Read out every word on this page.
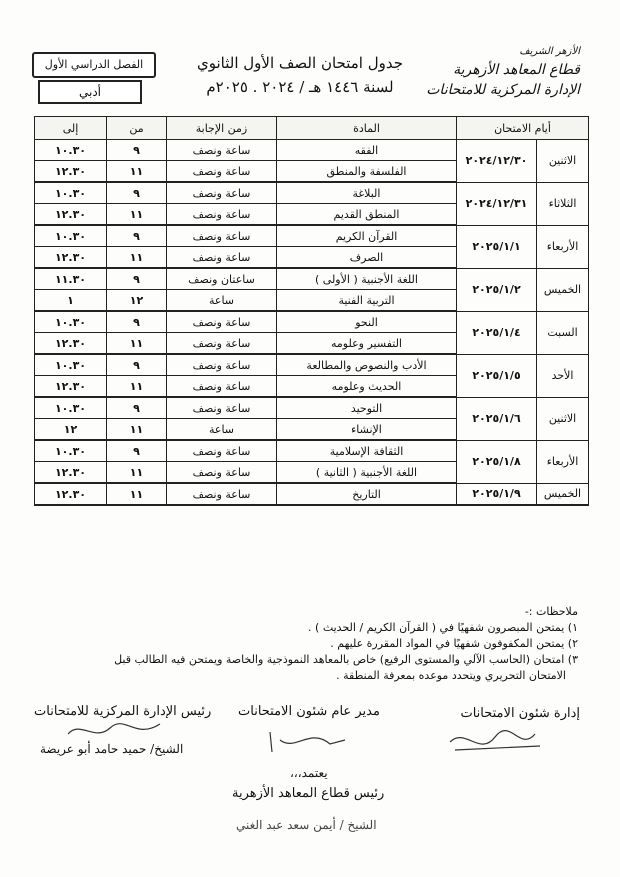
الفصل الدراسي الأول
أدبي
جدول امتحان الصف الأول الثانوي
لسنة ١٤٤٦ هـ / ٢٠٢٤ . ٢٠٢٥م
الأزهر الشريف
قطاع المعاهد الأزهرية
الإدارة المركزية للامتحانات
أيام الامتحان		المادة	زمن الإجابة	من	إلى
الاثنين	٢٠٢٤/١٢/٣٠	الفقه	ساعة ونصف	٩	١٠.٣٠
		الفلسفة والمنطق	ساعة ونصف	١١	١٢.٣٠
الثلاثاء	٢٠٢٤/١٢/٣١	البلاغة	ساعة ونصف	٩	١٠.٣٠
		المنطق القديم	ساعة ونصف	١١	١٢.٣٠
الأربعاء	٢٠٢٥/١/١	القرآن الكريم	ساعة ونصف	٩	١٠.٣٠
		الصرف	ساعة ونصف	١١	١٢.٣٠
الخميس	٢٠٢٥/١/٢	اللغة الأجنبية ( الأولى )	ساعتان ونصف	٩	١١.٣٠
		التربية الفنية	ساعة	١٢	١
السبت	٢٠٢٥/١/٤	النحو	ساعة ونصف	٩	١٠.٣٠
		التفسير وعلومه	ساعة ونصف	١١	١٢.٣٠
الأحد	٢٠٢٥/١/٥	الأدب والنصوص والمطالعة	ساعة ونصف	٩	١٠.٣٠
		الحديث وعلومه	ساعة ونصف	١١	١٢.٣٠
الاثنين	٢٠٢٥/١/٦	التوحيد	ساعة ونصف	٩	١٠.٣٠
		الإنشاء	ساعة	١١	١٢
الأربعاء	٢٠٢٥/١/٨	الثقافة الإسلامية	ساعة ونصف	٩	١٠.٣٠
		اللغة الأجنبية ( الثانية )	ساعة ونصف	١١	١٢.٣٠
الخميس	٢٠٢٥/١/٩	التاريخ	ساعة ونصف	١١	١٢.٣٠

ملاحظات :-

١) يمتحن المبصرون شفهيًا في ( القرآن الكريم / الحديث ) .

٢) يمتحن المكفوفون شفهيًا في المواد المقررة عليهم .

٣) امتحان (الحاسب الآلي والمستوى الرفيع) خاص بالمعاهد النموذجية والخاصة ويمتحن فيه الطالب قبل

الامتحان التحريري ويتحدد موعده بمعرفة المنطقة .

إدارة شئون الامتحانات
مدير عام شئون الامتحانات
رئيس الإدارة المركزية للامتحانات
الشيخ/ حميد حامد أبو عريضة
يعتمد،،،
رئيس قطاع المعاهد الأزهرية
الشيخ / أيمن سعد عبد الغني
